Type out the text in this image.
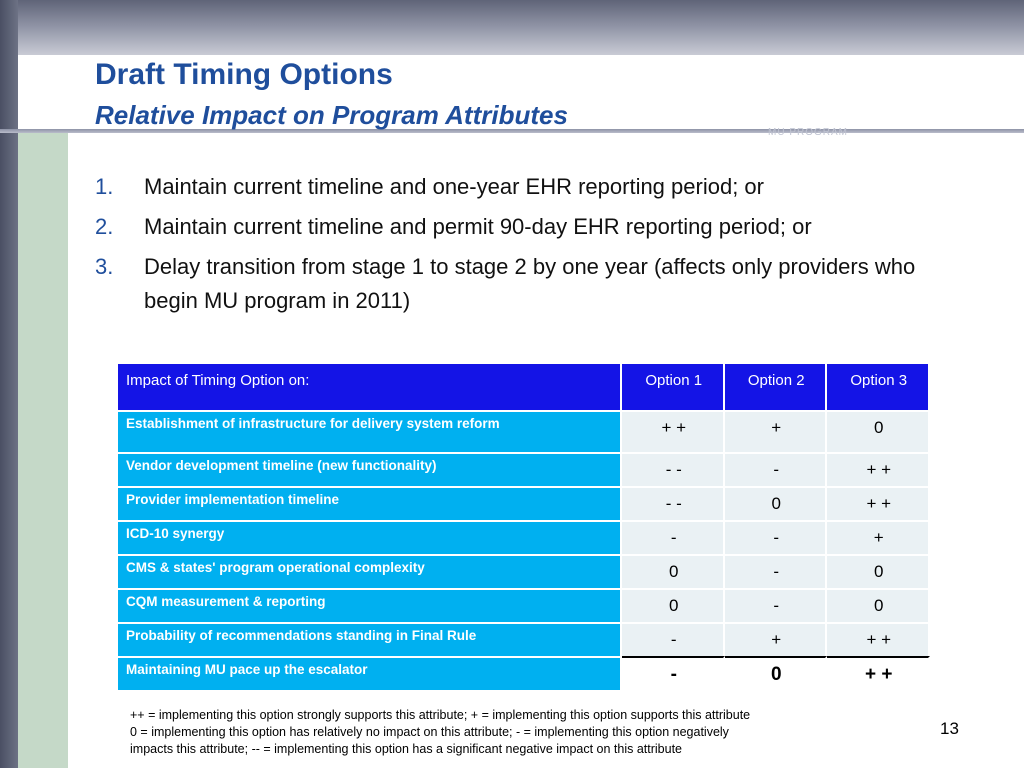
MU PROGRAM
Draft Timing Options
Relative Impact on Program Attributes
1. Maintain current timeline and one-year EHR reporting period; or
2. Maintain current timeline and permit 90-day EHR reporting period; or
3. Delay transition from stage 1 to stage 2 by one year (affects only providers who begin MU program in 2011)
Impact of Timing Option on:	Option 1	Option 2	Option 3
Establishment of infrastructure for delivery system reform	+ +	+	0
Vendor development timeline (new functionality)	- -	-	+ +
Provider implementation timeline	- -	0	+ +
ICD-10 synergy	-	-	+
CMS & states' program operational complexity	0	-	0
CQM measurement & reporting	0	-	0
Probability of recommendations standing in Final Rule	-	+	+ +
Maintaining MU pace up the escalator	-	0	+ +
++ = implementing this option strongly supports this attribute; + = implementing this option supports this attribute
0 = implementing this option has relatively no impact on this attribute; - = implementing this option negatively
impacts this attribute; -- = implementing this option has a significant negative impact on this attribute
13
